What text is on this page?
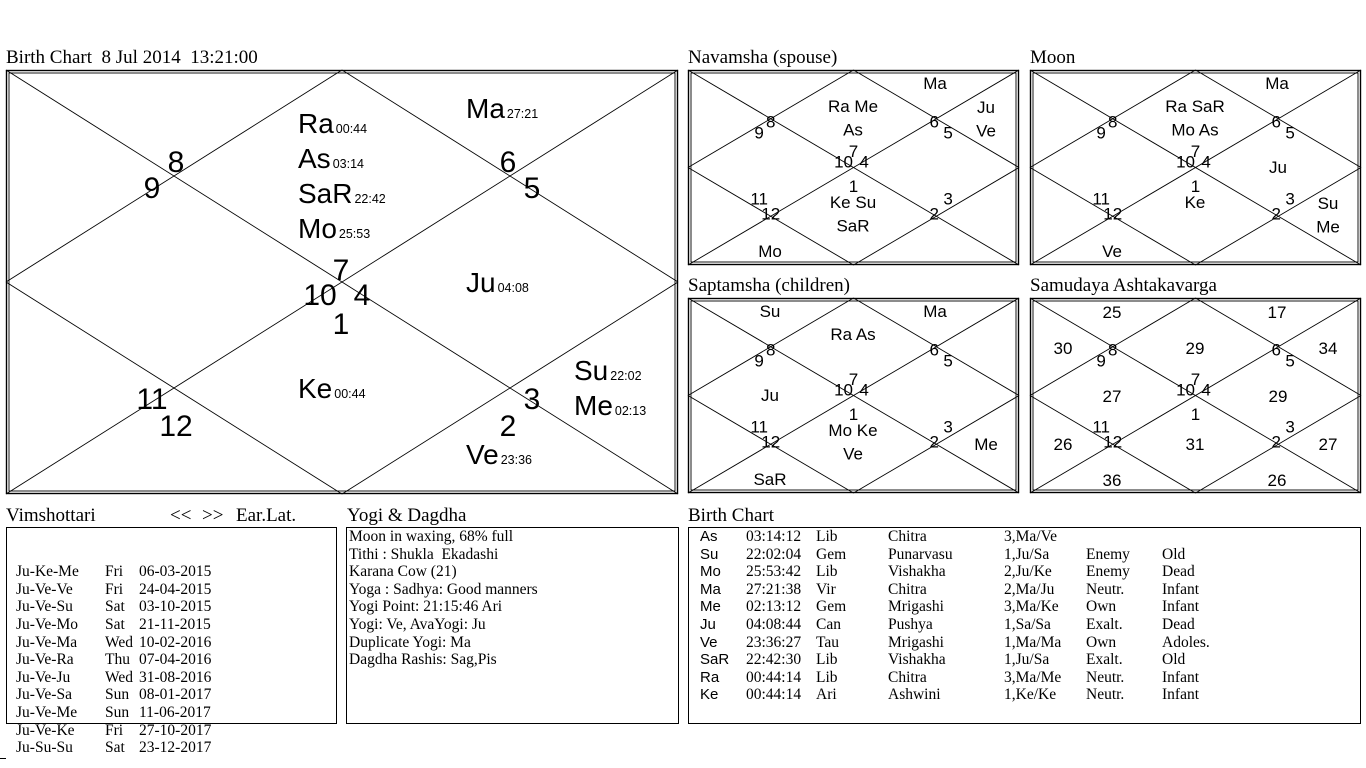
Birth Chart  8 Jul 2014  13:21:00	Navamsha (spouse)	Moon
Saptamsha (children)	Samudaya Ashtakavarga
7
6
5
4
3
2
1
12
11
10
9
8
Ra 00:44
As 03:14
SaR 22:42
Mo 25:53
Ma 27:21
Ju 04:08
Su 22:02
Me 02:13
Ke 00:44
Ve 23:36
7
6
5
4
3
2
1
12
11
10
9
8
Ra Me
As
Ma
Ju
Ve
Ke Su
SaR
Mo
7
6
5
4
3
2
1
12
11
10
9
8
Ra SaR
Mo As
Ma
Ju
Su
Me
Ke
Ve
7
6
5
4
3
2
1
12
11
10
9
8
Ra As
Ma
Me
Mo Ke
Ve
SaR
Ju
Su
7
6
5
4
3
2
1
12
11
10
9
8	29
17
34
29
27
26
31
36
26
27
30
25
Vimshottari	<< >> Ear.Lat.	Yogi & Dagdha	Birth Chart

Ju-Ke-Me Fri 06-03-2015
Ju-Ve-Ve Fri 24-04-2015
Ju-Ve-Su Sat 03-10-2015
Ju-Ve-Mo Sat 21-11-2015
Ju-Ve-Ma Wed 10-02-2016
Ju-Ve-Ra Thu 07-04-2016
Ju-Ve-Ju Wed 31-08-2016
Ju-Ve-Sa Sun 08-01-2017
Ju-Ve-Me Sun 11-06-2017
Ju-Ve-Ke Fri 27-10-2017
Ju-Su-Su Sat 23-12-2017
Moon in waxing, 68% full
Tithi : Shukla  Ekadashi
Karana Cow (21)
Yoga : Sadhya: Good manners
Yogi Point: 21:15:46 Ari
Yogi: Ve, AvaYogi: Ju
Duplicate Yogi: Ma
Dagdha Rashis: Sag,Pis
As 03:14:12 Lib	Chitra	3,Ma/Ve
Su 22:02:04 Gem	Punarvasu	1,Ju/Sa Enemy Old
Mo 25:53:42 Lib	Vishakha	2,Ju/Ke Enemy Dead
Ma 27:21:38 Vir	Chitra	2,Ma/Ju Neutr. Infant
Me 02:13:12 Gem	Mrigashi	3,Ma/Ke Own	Infant
Ju 04:08:44 Can	Pushya	1,Sa/Sa Exalt.	Dead
Ve 23:36:27 Tau	Mrigashi	1,Ma/Ma Own	Adoles.
SaR 22:42:30 Lib	Vishakha	1,Ju/Sa Exalt.	Old
Ra 00:44:14 Lib	Chitra	3,Ma/Me Neutr. Infant
Ke 00:44:14 Ari	Ashwini	1,Ke/Ke Neutr. Infant
